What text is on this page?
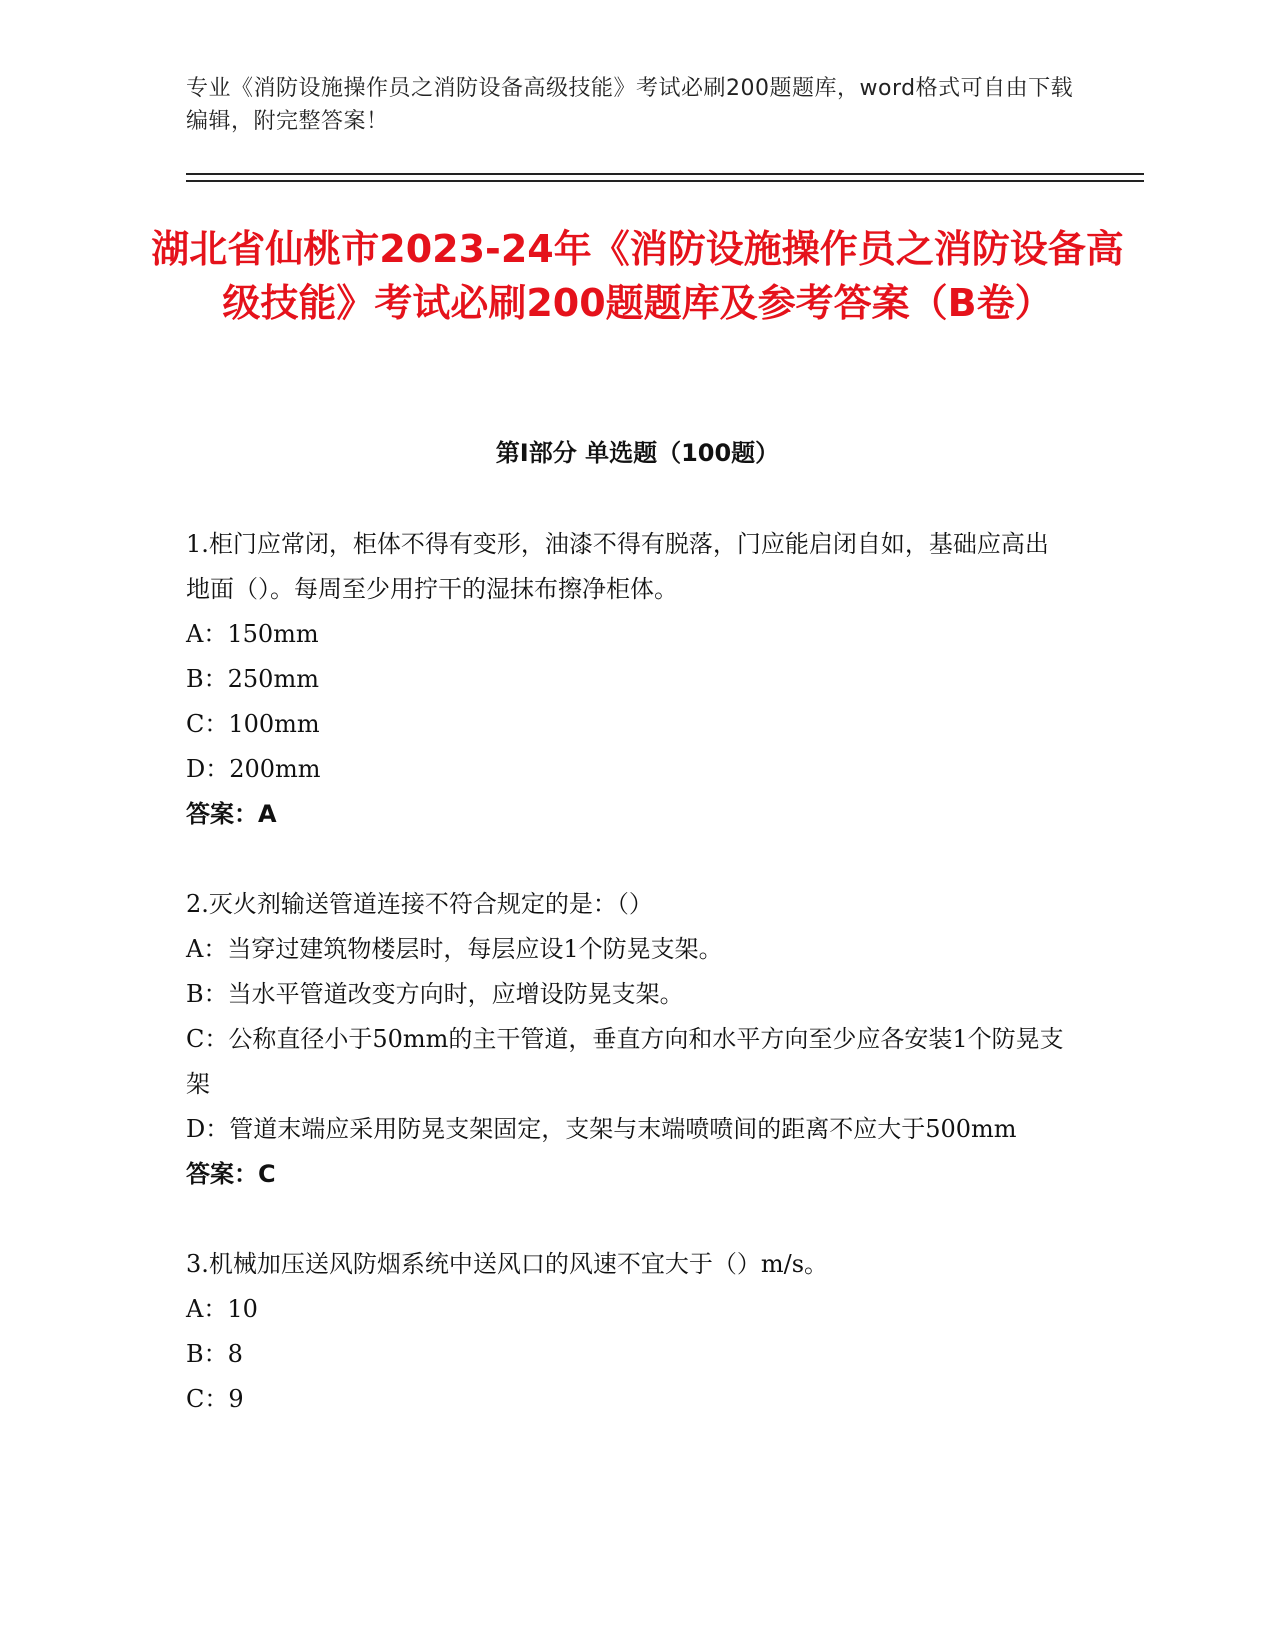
专业《消防设施操作员之消防设备高级技能》考试必刷200题题库，word格式可自由下载编辑，附完整答案！
湖北省仙桃市2023-24年《消防设施操作员之消防设备高级技能》考试必刷200题题库及参考答案（B卷）
第I部分 单选题（100题）

1.柜门应常闭，柜体不得有变形，油漆不得有脱落，门应能启闭自如，基础应高出地面（）。每周至少用拧干的湿抹布擦净柜体。

A：150mm

B：250mm

C：100mm

D：200mm

答案：A

2.灭火剂输送管道连接不符合规定的是：（）

A：当穿过建筑物楼层时，每层应设1个防晃支架。

B：当水平管道改变方向时，应增设防晃支架。

C：公称直径小于50mm的主干管道，垂直方向和水平方向至少应各安装1个防晃支架

D：管道末端应采用防晃支架固定，支架与末端喷喷间的距离不应大于500mm

答案：C

3.机械加压送风防烟系统中送风口的风速不宜大于（）m/s。

A：10

B：8

C：9
